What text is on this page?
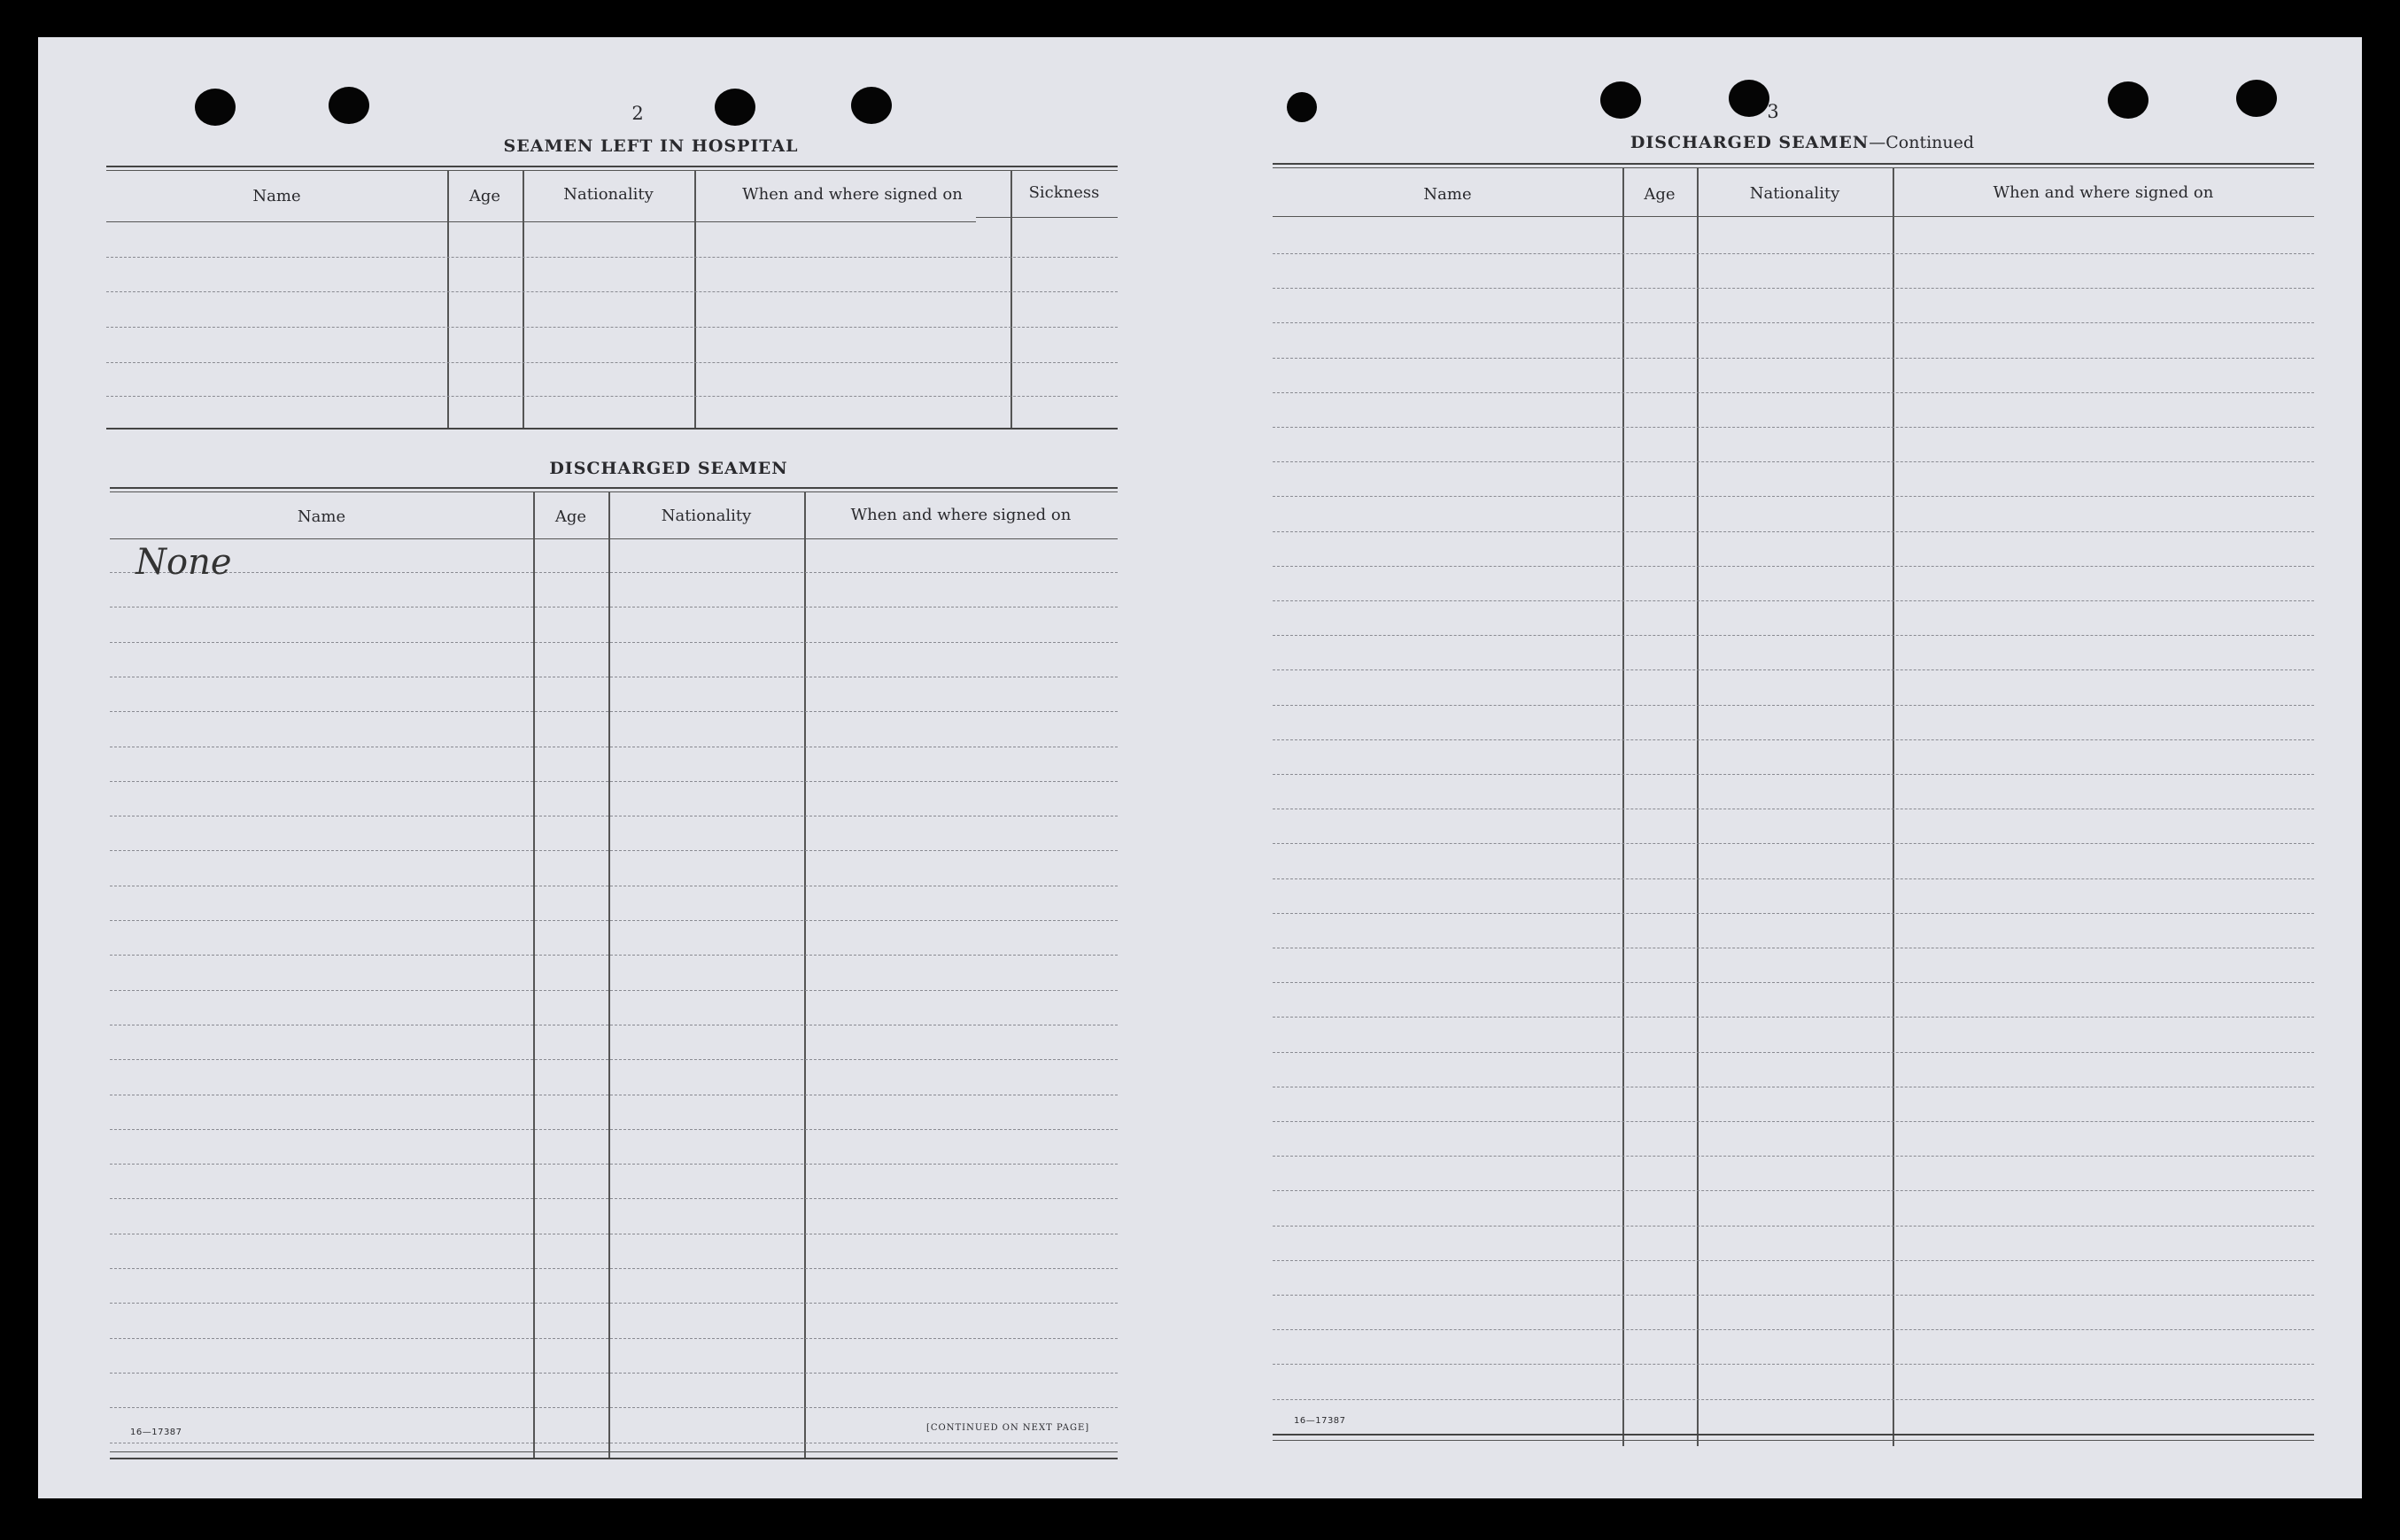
2
SEAMEN LEFT IN HOSPITAL
Name	Age	Nationality	When and where signed on	Sickness
DISCHARGED SEAMEN
Name	Age	Nationality	When and where signed on
None
16—17387	[CONTINUED ON NEXT PAGE]
3
DISCHARGED SEAMEN—Continued
Name	Age	Nationality	When and where signed on
16—17387
